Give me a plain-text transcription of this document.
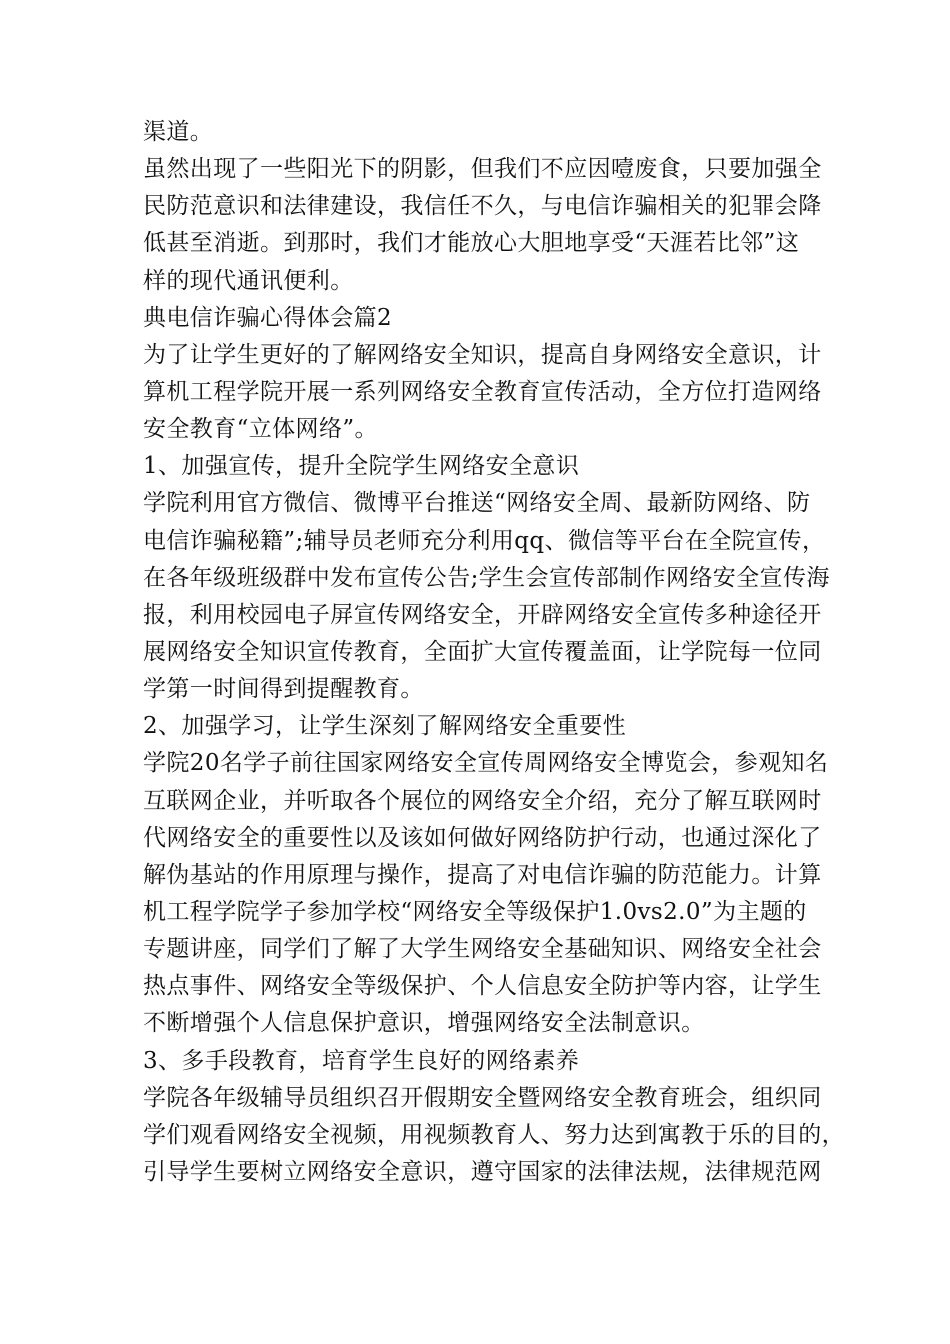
渠道。
虽然出现了一些阳光下的阴影，但我们不应因噎废食，只要加强全
民防范意识和法律建设，我信任不久，与电信诈骗相关的犯罪会降
低甚至消逝。到那时，我们才能放心大胆地享受“天涯若比邻”这
样的现代通讯便利。
典电信诈骗心得体会篇2
为了让学生更好的了解网络安全知识，提高自身网络安全意识，计
算机工程学院开展一系列网络安全教育宣传活动，全方位打造网络
安全教育“立体网络”。
1、加强宣传，提升全院学生网络安全意识
学院利用官方微信、微博平台推送“网络安全周、最新防网络、防
电信诈骗秘籍”;辅导员老师充分利用qq、微信等平台在全院宣传，
在各年级班级群中发布宣传公告;学生会宣传部制作网络安全宣传海
报，利用校园电子屏宣传网络安全，开辟网络安全宣传多种途径开
展网络安全知识宣传教育，全面扩大宣传覆盖面，让学院每一位同
学第一时间得到提醒教育。
2、加强学习，让学生深刻了解网络安全重要性
学院20名学子前往国家网络安全宣传周网络安全博览会，参观知名
互联网企业，并听取各个展位的网络安全介绍，充分了解互联网时
代网络安全的重要性以及该如何做好网络防护行动，也通过深化了
解伪基站的作用原理与操作，提高了对电信诈骗的防范能力。计算
机工程学院学子参加学校“网络安全等级保护1.0vs2.0”为主题的
专题讲座，同学们了解了大学生网络安全基础知识、网络安全社会
热点事件、网络安全等级保护、个人信息安全防护等内容，让学生
不断增强个人信息保护意识，增强网络安全法制意识。
3、多手段教育，培育学生良好的网络素养
学院各年级辅导员组织召开假期安全暨网络安全教育班会，组织同
学们观看网络安全视频，用视频教育人、努力达到寓教于乐的目的，
引导学生要树立网络安全意识，遵守国家的法律法规，法律规范网
